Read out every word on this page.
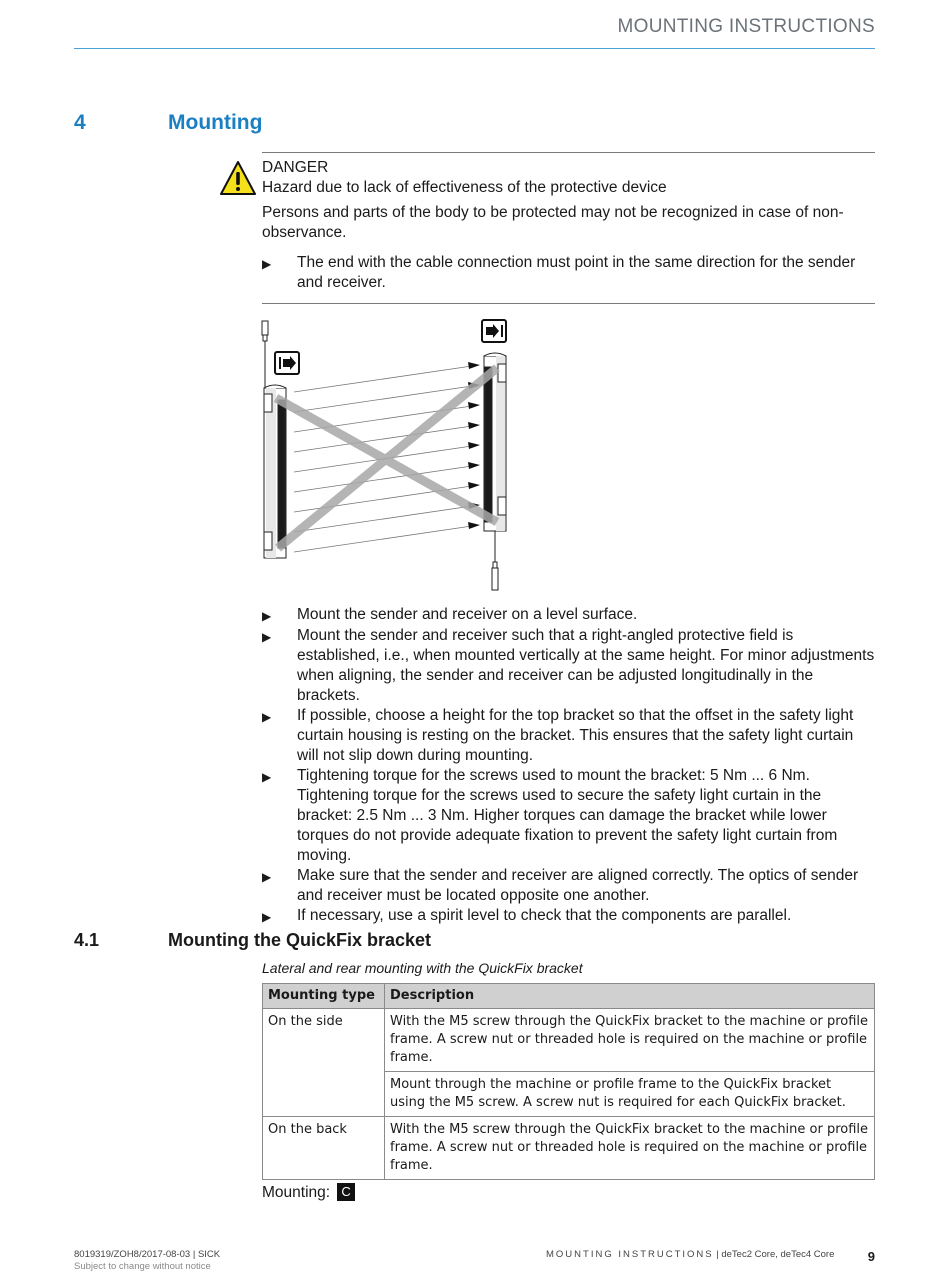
MOUNTING INSTRUCTIONS
4	Mounting
DANGER
Hazard due to lack of effectiveness of the protective device
Persons and parts of the body to be protected may not be recognized in case of non-observance.
▶	The end with the cable connection must point in the same direction for the sender and receiver.
▶	Mount the sender and receiver on a level surface.
▶	Mount the sender and receiver such that a right-angled protective field is established, i.e., when mounted vertically at the same height. For minor adjustments when aligning, the sender and receiver can be adjusted longitudinally in the brackets.
▶	If possible, choose a height for the top bracket so that the offset in the safety light curtain housing is resting on the bracket. This ensures that the safety light curtain will not slip down during mounting.
▶	Tightening torque for the screws used to mount the bracket: 5 Nm ... 6 Nm. Tightening torque for the screws used to secure the safety light curtain in the bracket: 2.5 Nm ... 3 Nm. Higher torques can damage the bracket while lower torques do not provide adequate fixation to prevent the safety light curtain from moving.
▶	Make sure that the sender and receiver are aligned correctly. The optics of sender and receiver must be located opposite one another.
▶	If necessary, use a spirit level to check that the components are parallel.
4.1	Mounting the QuickFix bracket
Lateral and rear mounting with the QuickFix bracket
Mounting type	Description
On the side	With the M5 screw through the QuickFix bracket to the machine or profile frame. A screw nut or threaded hole is required on the machine or profile frame.
	Mount through the machine or profile frame to the QuickFix bracket using the M5 screw. A screw nut is required for each QuickFix bracket.
On the back	With the M5 screw through the QuickFix bracket to the machine or profile frame. A screw nut or threaded hole is required on the machine or profile frame.
Mounting: C
8019319/ZOH8/2017-08-03 | SICK
Subject to change without notice
MOUNTING INSTRUCTIONS | deTec2 Core, deTec4 Core	9
